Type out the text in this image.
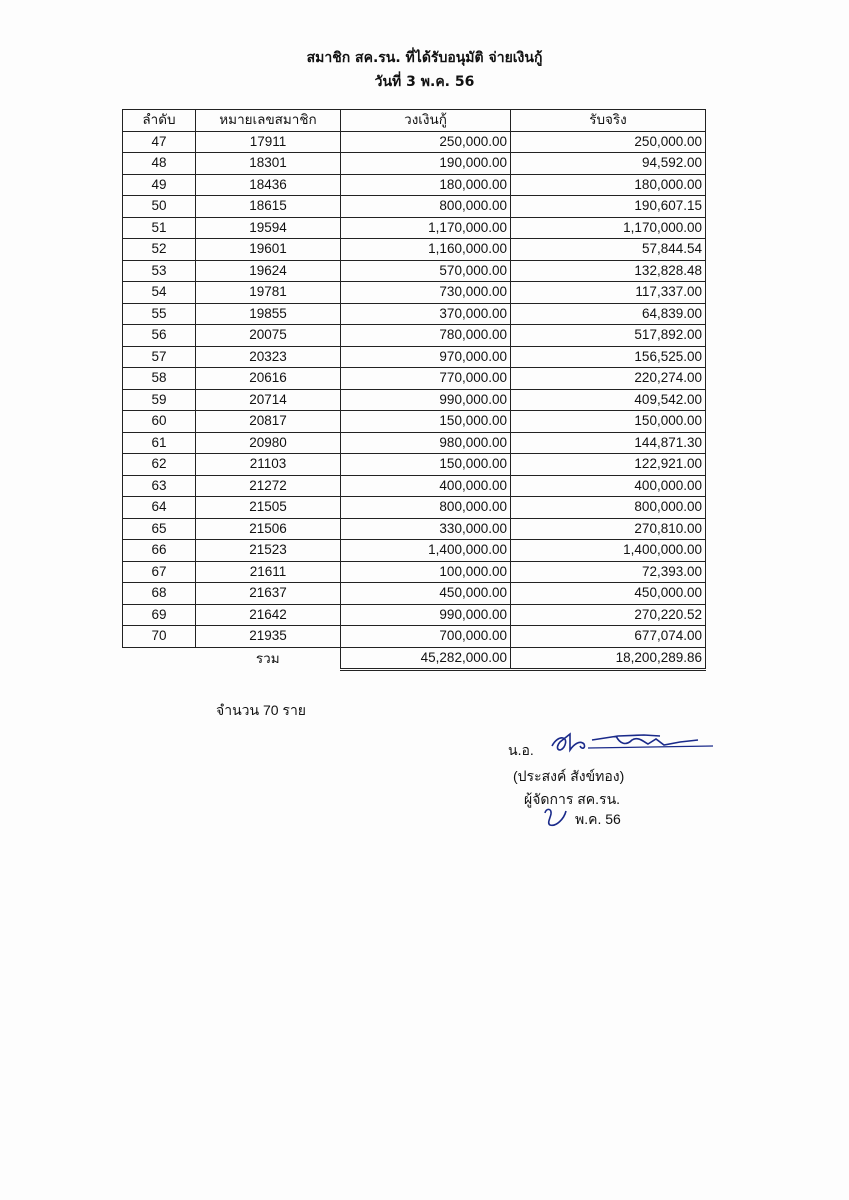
สมาชิก สค.รน. ที่ได้รับอนุมัติ จ่ายเงินกู้
วันที่ 3 พ.ค. 56
ลำดับ	หมายเลขสมาชิก	วงเงินกู้	รับจริง
47	17911	250,000.00	250,000.00
48	18301	190,000.00	94,592.00
49	18436	180,000.00	180,000.00
50	18615	800,000.00	190,607.15
51	19594	1,170,000.00	1,170,000.00
52	19601	1,160,000.00	57,844.54
53	19624	570,000.00	132,828.48
54	19781	730,000.00	117,337.00
55	19855	370,000.00	64,839.00
56	20075	780,000.00	517,892.00
57	20323	970,000.00	156,525.00
58	20616	770,000.00	220,274.00
59	20714	990,000.00	409,542.00
60	20817	150,000.00	150,000.00
61	20980	980,000.00	144,871.30
62	21103	150,000.00	122,921.00
63	21272	400,000.00	400,000.00
64	21505	800,000.00	800,000.00
65	21506	330,000.00	270,810.00
66	21523	1,400,000.00	1,400,000.00
67	21611	100,000.00	72,393.00
68	21637	450,000.00	450,000.00
69	21642	990,000.00	270,220.52
70	21935	700,000.00	677,074.00
	รวม	45,282,000.00	18,200,289.86
จำนวน 70 ราย
น.อ.
(ประสงค์ สังข์ทอง)
ผู้จัดการ สค.รน.
พ.ค. 56
